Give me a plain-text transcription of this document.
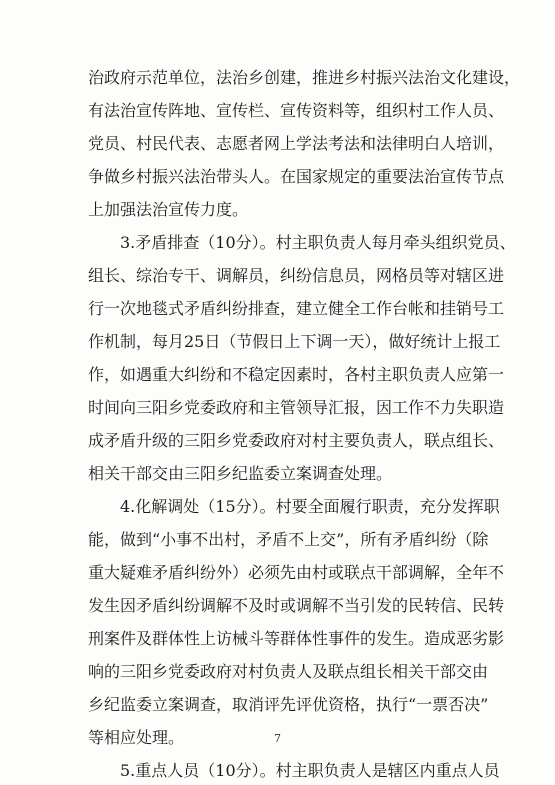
治政府示范单位，法治乡创建，推进乡村振兴法治文化建设，
有法治宣传阵地、宣传栏、宣传资料等，组织村工作人员、
党员、村民代表、志愿者网上学法考法和法律明白人培训，
争做乡村振兴法治带头人。在国家规定的重要法治宣传节点
上加强法治宣传力度。
3.矛盾排查（10分）。村主职负责人每月牵头组织党员、
组长、综治专干、调解员，纠纷信息员，网格员等对辖区进
行一次地毯式矛盾纠纷排查，建立健全工作台帐和挂销号工
作机制，每月25日（节假日上下调一天），做好统计上报工
作，如遇重大纠纷和不稳定因素时，各村主职负责人应第一
时间向三阳乡党委政府和主管领导汇报，因工作不力失职造
成矛盾升级的三阳乡党委政府对村主要负责人，联点组长、
相关干部交由三阳乡纪监委立案调查处理。
4.化解调处（15分）。村要全面履行职责，充分发挥职
能，做到“小事不出村，矛盾不上交”，所有矛盾纠纷（除
重大疑难矛盾纠纷外）必须先由村或联点干部调解，全年不
发生因矛盾纠纷调解不及时或调解不当引发的民转信、民转
刑案件及群体性上访械斗等群体性事件的发生。造成恶劣影
响的三阳乡党委政府对村负责人及联点组长相关干部交由
乡纪监委立案调查，取消评先评优资格，执行“一票否决”
等相应处理。
5.重点人员（10分）。村主职负责人是辖区内重点人员
7
